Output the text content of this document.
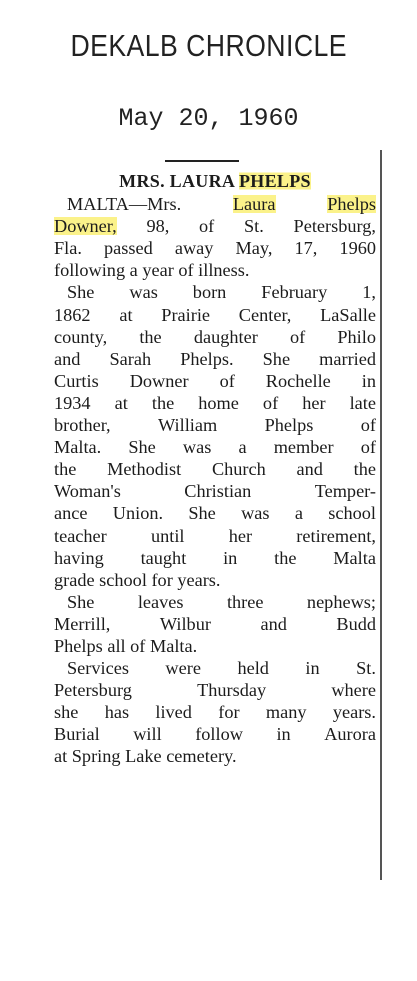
DEKALB CHRONICLE
May 20, 1960
MRS. LAURA PHELPS
MALTA—Mrs.	Laura	Phelps
Downer, 98, of St. Petersburg,
Fla. passed away May, 17, 1960
following a year of illness.
She was born February 1,
1862 at Prairie Center, LaSalle
county, the daughter of Philo
and Sarah Phelps. She married
Curtis Downer of Rochelle in
1934 at the home of her late
brother,	William	Phelps	of
Malta. She was a member of
the Methodist Church and the
Woman's	Christian	Temper-
ance Union. She was a school
teacher until her retirement,
having taught in the Malta
grade school for years.
She leaves three nephews;
Merrill,	Wilbur	and	Budd
Phelps all of Malta.
Services were held in St.
Petersburg	Thursday	where
she has lived for many years.
Burial will follow in Aurora
at Spring Lake cemetery.
